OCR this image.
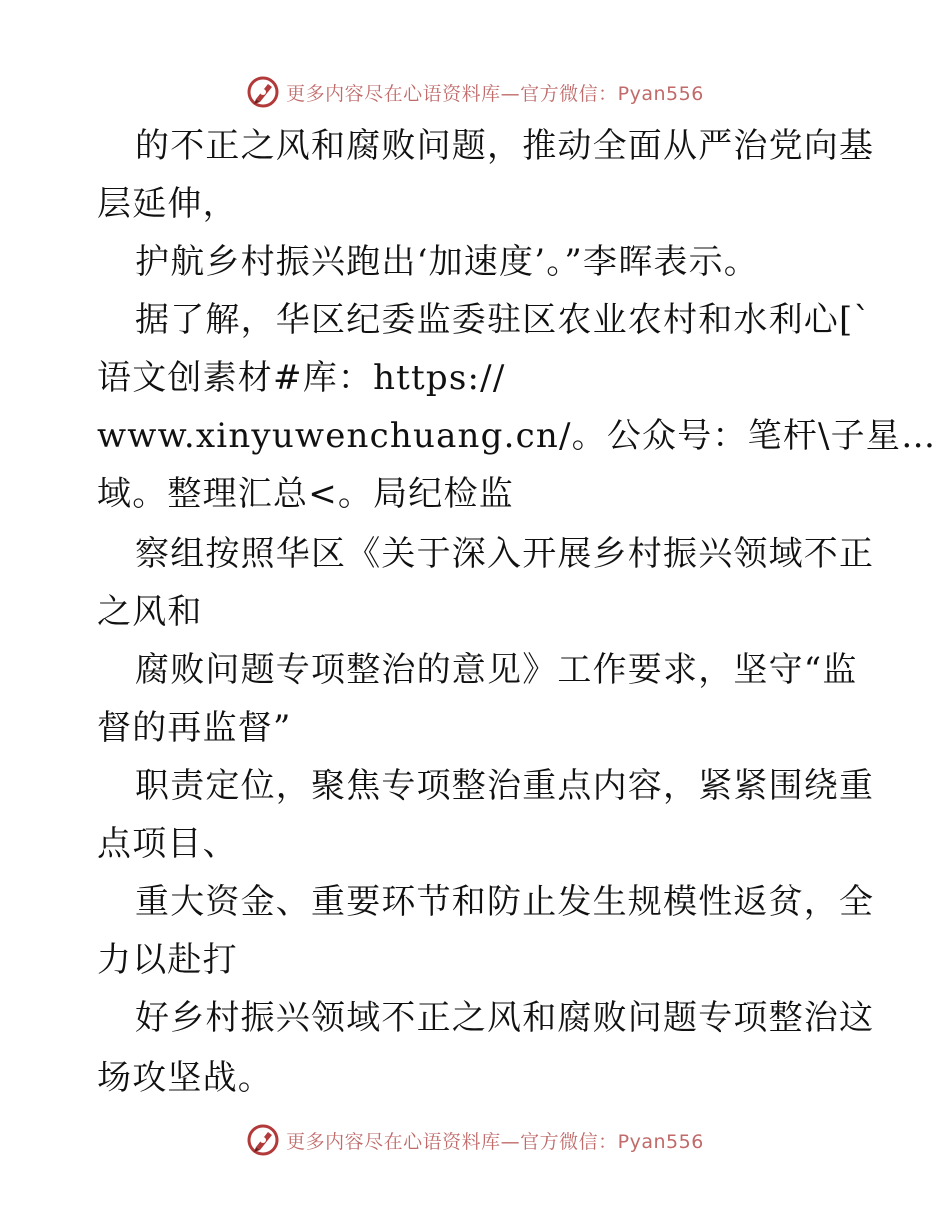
更多内容尽在心语资料库—官方微信：Pyan556
的不正之风和腐败问题，推动全面从严治党向基
层延伸，
护航乡村振兴跑出‘加速度’。”李晖表示。
据了解，华区纪委监委驻区农业农村和水利心[`
语文创素材#库：https://
www.xinyuwenchuang.cn/。公众号：笔杆\子星…
域。整理汇总<。局纪检监
察组按照华区《关于深入开展乡村振兴领域不正
之风和
腐败问题专项整治的意见》工作要求，坚守“监
督的再监督”
职责定位，聚焦专项整治重点内容，紧紧围绕重
点项目、
重大资金、重要环节和防止发生规模性返贫，全
力以赴打
好乡村振兴领域不正之风和腐败问题专项整治这
场攻坚战。
更多内容尽在心语资料库—官方微信：Pyan556
